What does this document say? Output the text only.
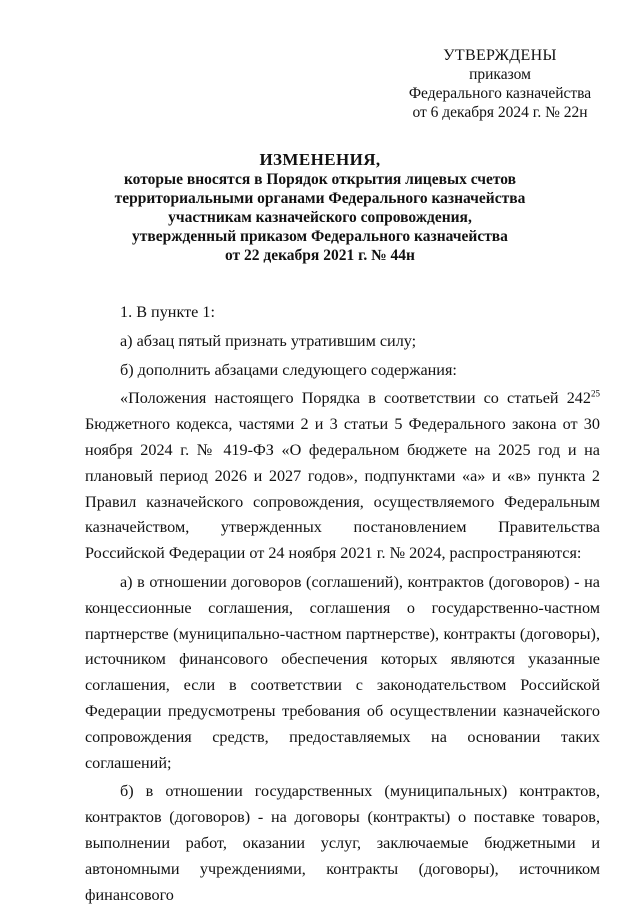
УТВЕРЖДЕНЫ
приказом
Федерального казначейства
от 6 декабря 2024 г. № 22н
ИЗМЕНЕНИЯ,
которые вносятся в Порядок открытия лицевых счетов
территориальными органами Федерального казначейства
участникам казначейского сопровождения,
утвержденный приказом Федерального казначейства
от 22 декабря 2021 г. № 44н

1. В пункте 1:

а) абзац пятый признать утратившим силу;

б) дополнить абзацами следующего содержания:

«Положения настоящего Порядка в соответствии со статьей $242^{25}$ Бюджетного кодекса, частями 2 и 3 статьи 5 Федерального закона от 30 ноября 2024 г. № 419-ФЗ «О федеральном бюджете на 2025 год и на плановый период 2026 и 2027 годов», подпунктами «а» и «в» пункта 2 Правил казначейского сопровождения, осуществляемого Федеральным казначейством, утвержденных постановлением Правительства Российской Федерации от 24 ноября 2021 г. № 2024, распространяются:

а) в отношении договоров (соглашений), контрактов (договоров) - на концессионные соглашения, соглашения о государственно-частном партнерстве (муниципально-частном партнерстве), контракты (договоры), источником финансового обеспечения которых являются указанные соглашения, если в соответствии с законодательством Российской Федерации предусмотрены требования об осуществлении казначейского сопровождения средств, предоставляемых на основании таких соглашений;

б) в отношении государственных (муниципальных) контрактов, контрактов (договоров) - на договоры (контракты) о поставке товаров, выполнении работ, оказании услуг, заключаемые бюджетными и автономными учреждениями, контракты (договоры), источником финансового
